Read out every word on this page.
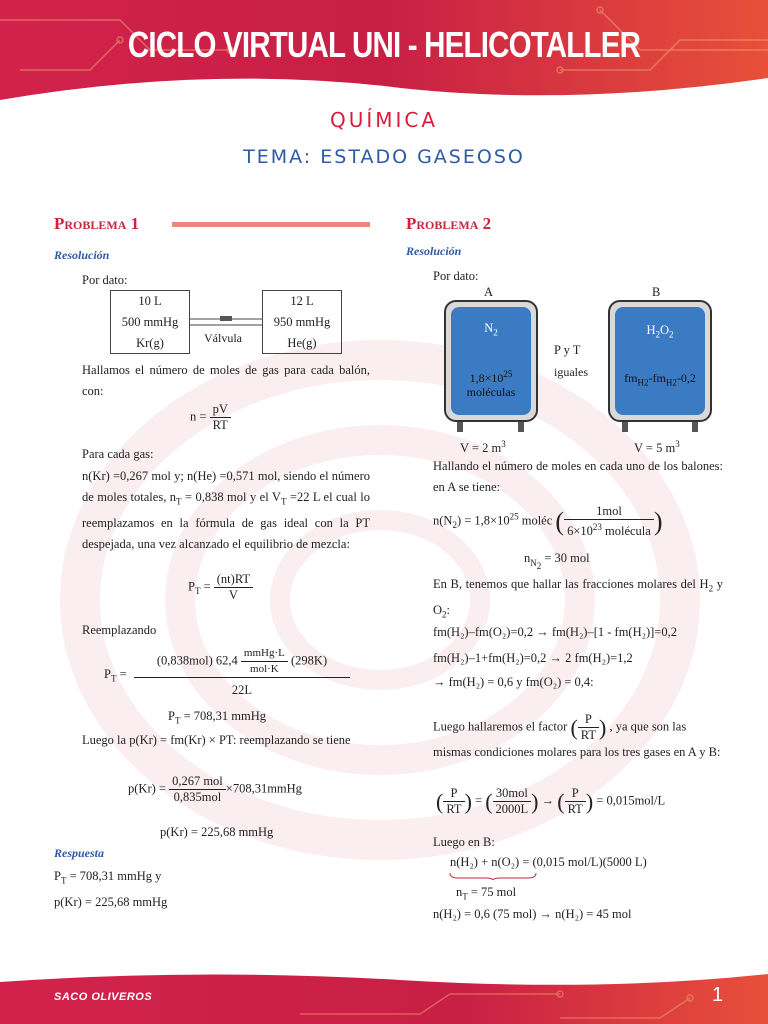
CICLO VIRTUAL UNI - HELICOTALLER
QUÍMICA
TEMA: ESTADO GASEOSO
Problema 1
Resolución
Por dato:
10 L
500 mmHg
Kr(g)	Válvula
12 L
950 mmHg
He(g)
Hallamos el número de moles de gas para cada balón, con:
$n = \frac{pV}{RT}$
Para cada gas:
n(Kr) =0,267 mol y; n(He) =0,571 mol, siendo el número de moles totales, $n_T = 0,838$ mol y el $V_T =22$ L el cual lo reemplazamos en la fórmula de gas ideal con la PT despejada, una vez alcanzado el equilibrio de mezcla:
$P_T = \frac{(nt)RT}{V}$
Reemplazando
$P_T$ =
(0,838mol) $62,4 \frac{\text{mmHg·L}}{\text{mol·K}} (298K)$
22L
$P_T = 708,31$ mmHg
Luego la p(Kr) = fm(Kr) × PT: reemplazando se tiene
$p(Kr) = \frac{\text{0,267 mol}}{\text{0,835mol}}$ ×708,31mmHg
p(Kr) = 225,68 mmHg
Respuesta
$P_T = 708,31$ mmHg y
p(Kr) = 225,68 mmHg
Problema 2
Resolución
Por dato:
A	B
$N_2$
$1,8\times 10^{25}$
moléculas
P y T
iguales
$H_2O_2$
$fm_{H2}-fm_{H2}-0,2$
V = 2 $m^3$	V = 5 $m^3$
Hallando el número de moles en cada uno de los balones: en A se tiene:
$n(N_2) = 1,8\times 10^{25}$ moléc ( $\frac{\text{1mol}}{6\times 10^{23} molécula}$ )
$n_{N_2} = 30$ mol
En B, tenemos que hallar las fracciones molares del $H_2$ y $O_2$:
fm(H₂)–fm(O₂)=0,2 → fm(H₂)–[1 - fm(H₂)]=0,2
fm(H₂)–1+fm(H₂)=0,2 → 2 fm(H₂)=1,2
→ fm(H₂) = 0,6 y fm(O₂) = 0,4:
Luego hallaremos el factor ( $\frac{P}{RT}$ ) , ya que son las
mismas condiciones molares para los tres gases en A y B:
( $\frac{P}{RT}$ ) = ( $\frac{\text{30mol}}{2000L}$ ) → ( $\frac{P}{RT}$ ) = 0,015mol/L
Luego en B:
n(H₂) + n(O₂) = (0,015 mol/L)(5000 L)
$n_T = 75$ mol
n(H₂) = 0,6 (75 mol) → n(H₂) = 45 mol
SACO OLIVEROS	1
